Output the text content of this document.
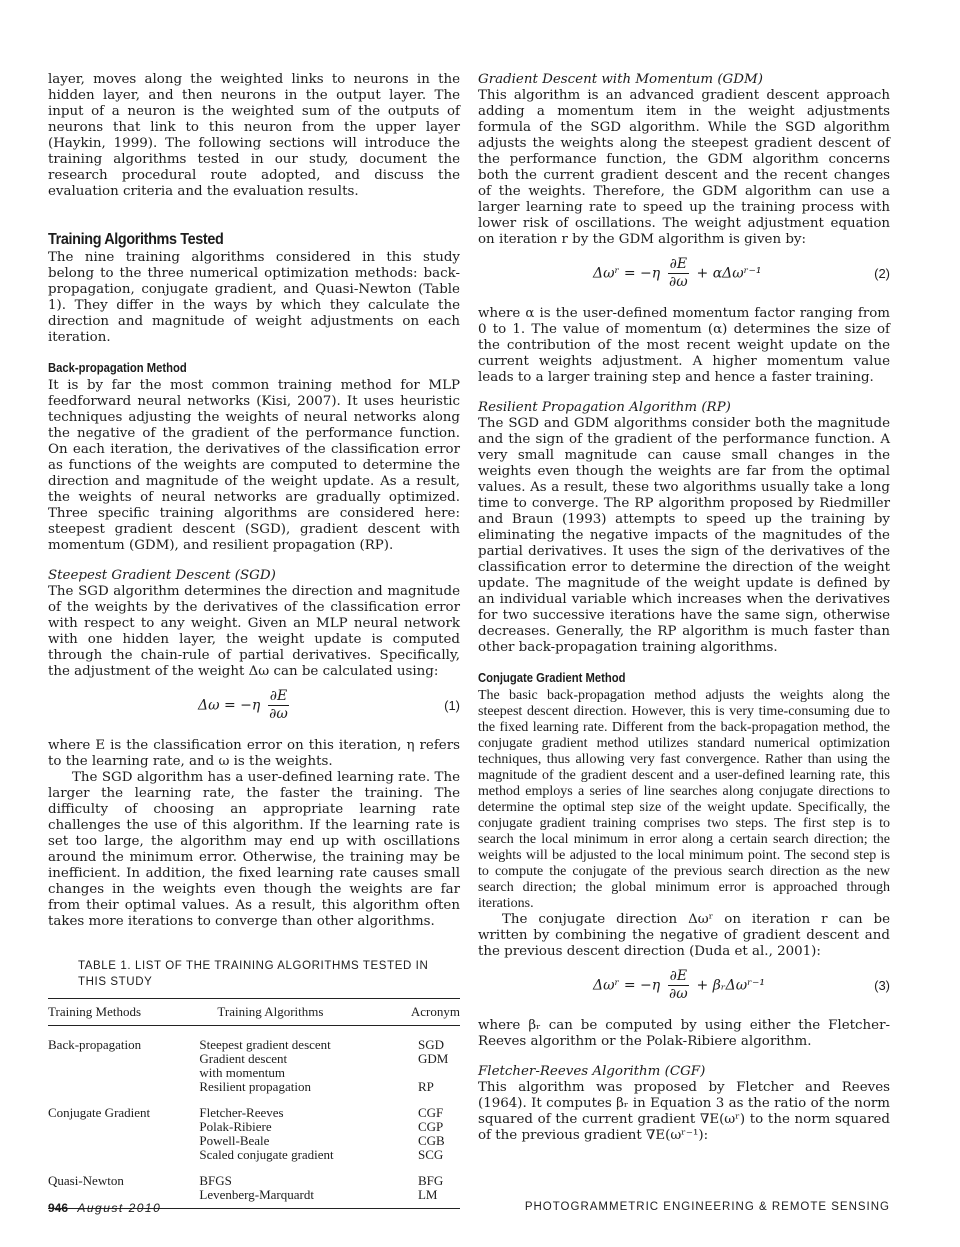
layer, moves along the weighted links to neurons in the hidden layer, and then neurons in the output layer. The input of a neuron is the weighted sum of the outputs of neurons that link to this neuron from the upper layer (Haykin, 1999). The following sections will introduce the training algorithms tested in our study, document the research procedural route adopted, and discuss the evaluation criteria and the evaluation results.

Training Algorithms Tested

The nine training algorithms considered in this study belong to the three numerical optimization methods: back-propagation, conjugate gradient, and Quasi-Newton (Table 1). They differ in the ways by which they calculate the direction and magnitude of weight adjustments on each iteration.

Back-propagation Method

It is by far the most common training method for MLP feedforward neural networks (Kisi, 2007). It uses heuristic techniques adjusting the weights of neural networks along the negative of the gradient of the performance function. On each iteration, the derivatives of the classification error as functions of the weights are computed to determine the direction and magnitude of the weight update. As a result, the weights of neural networks are gradually optimized. Three specific training algorithms are considered here: steepest gradient descent (SGD), gradient descent with momentum (GDM), and resilient propagation (RP).

Steepest Gradient Descent (SGD)

The SGD algorithm determines the direction and magnitude of the weights by the derivatives of the classification error with respect to any weight. Given an MLP neural network with one hidden layer, the weight update is computed through the chain-rule of partial derivatives. Specifically, the adjustment of the weight Δω can be calculated using:

$\Delta\omega = -\eta \frac{\partial E}{\partial\omega}$	(1)

where E is the classification error on this iteration, η refers to the learning rate, and ω is the weights.

The SGD algorithm has a user-defined learning rate. The larger the learning rate, the faster the training. The difficulty of choosing an appropriate learning rate challenges the use of this algorithm. If the learning rate is set too large, the algorithm may end up with oscillations around the minimum error. Otherwise, the training may be inefficient. In addition, the fixed learning rate causes small changes in the weights even though the weights are far from their optimal values. As a result, this algorithm often takes more iterations to converge than other algorithms.

TABLE 1. LIST OF THE TRAINING ALGORITHMS TESTED IN THIS STUDY
Training Methods	Training Algorithms	Acronym
Back-propagation	Steepest gradient descent	SGD
	Gradient descent	GDM
	with momentum	
	Resilient propagation	RP
Conjugate Gradient	Fletcher-Reeves	CGF
	Polak-Ribiere	CGP
	Powell-Beale	CGB
	Scaled conjugate gradient	SCG
Quasi-Newton	BFGS	BFG
	Levenberg-Marquardt	LM
Gradient Descent with Momentum (GDM)

This algorithm is an advanced gradient descent approach adding a momentum item in the weight adjustments formula of the SGD algorithm. While the SGD algorithm adjusts the weights along the steepest gradient descent of the performance function, the GDM algorithm concerns both the current gradient descent and the recent changes of the weights. Therefore, the GDM algorithm can use a larger learning rate to speed up the training process with lower risk of oscillations. The weight adjustment equation on iteration r by the GDM algorithm is given by:

Δωʳ = $-\eta \frac{\partial E}{\partial\omega}$ + αΔωʳ⁻¹	(2)

where α is the user-defined momentum factor ranging from 0 to 1. The value of momentum (α) determines the size of the contribution of the most recent weight update on the current weights adjustment. A higher momentum value leads to a larger training step and hence a faster training.

Resilient Propagation Algorithm (RP)

The SGD and GDM algorithms consider both the magnitude and the sign of the gradient of the performance function. A very small magnitude can cause small changes in the weights even though the weights are far from the optimal values. As a result, these two algorithms usually take a long time to converge. The RP algorithm proposed by Riedmiller and Braun (1993) attempts to speed up the training by eliminating the negative impacts of the magnitudes of the partial derivatives. It uses the sign of the derivatives of the classification error to determine the direction of the weight update. The magnitude of the weight update is defined by an individual variable which increases when the derivatives for two successive iterations have the same sign, otherwise decreases. Generally, the RP algorithm is much faster than other back-propagation training algorithms.

Conjugate Gradient Method

The basic back-propagation method adjusts the weights along the steepest descent direction. However, this is very time-consuming due to the fixed learning rate. Different from the back-propagation method, the conjugate gradient method utilizes standard numerical optimization techniques, thus allowing very fast convergence. Rather than using the magnitude of the gradient descent and a user-defined learning rate, this method employs a series of line searches along conjugate directions to determine the optimal step size of the weight update. Specifically, the conjugate gradient training comprises two steps. The first step is to search the local minimum in error along a certain search direction; the weights will be adjusted to the local minimum point. The second step is to compute the conjugate of the previous search direction as the new search direction; the global minimum error is approached through iterations.

The conjugate direction Δωʳ on iteration r can be written by combining the negative of gradient descent and the previous descent direction (Duda et al., 2001):

Δωʳ = $-\eta \frac{\partial E}{\partial\omega}$ + βᵣΔωʳ⁻¹	(3)

where βᵣ can be computed by using either the Fletcher-Reeves algorithm or the Polak-Ribiere algorithm.

Fletcher-Reeves Algorithm (CGF)

This algorithm was proposed by Fletcher and Reeves (1964). It computes βᵣ in Equation 3 as the ratio of the norm squared of the current gradient ∇E(ωʳ) to the norm squared of the previous gradient ∇E(ωʳ⁻¹):

946 August 2010	PHOTOGRAMMETRIC ENGINEERING & REMOTE SENSING
